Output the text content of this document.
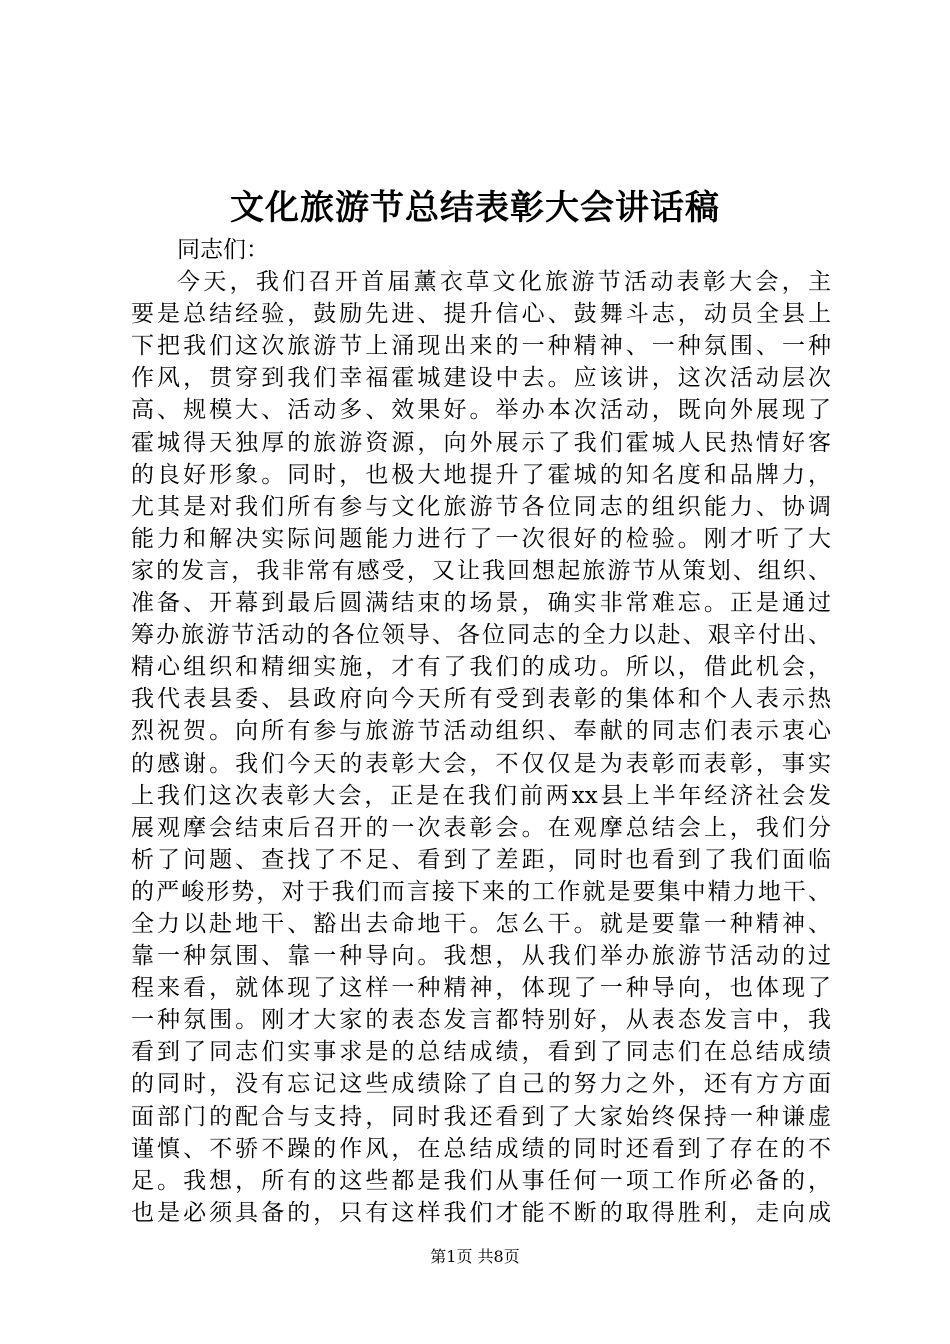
文化旅游节总结表彰大会讲话稿
同志们：
今天，我们召开首届薰衣草文化旅游节活动表彰大会，主
要是总结经验，鼓励先进、提升信心、鼓舞斗志，动员全县上
下把我们这次旅游节上涌现出来的一种精神、一种氛围、一种
作风，贯穿到我们幸福霍城建设中去。应该讲，这次活动层次
高、规模大、活动多、效果好。举办本次活动，既向外展现了
霍城得天独厚的旅游资源，向外展示了我们霍城人民热情好客
的良好形象。同时，也极大地提升了霍城的知名度和品牌力，
尤其是对我们所有参与文化旅游节各位同志的组织能力、协调
能力和解决实际问题能力进行了一次很好的检验。刚才听了大
家的发言，我非常有感受，又让我回想起旅游节从策划、组织、
准备、开幕到最后圆满结束的场景，确实非常难忘。正是通过
筹办旅游节活动的各位领导、各位同志的全力以赴、艰辛付出、
精心组织和精细实施，才有了我们的成功。所以，借此机会，
我代表县委、县政府向今天所有受到表彰的集体和个人表示热
烈祝贺。向所有参与旅游节活动组织、奉献的同志们表示衷心
的感谢。我们今天的表彰大会，不仅仅是为表彰而表彰，事实
上我们这次表彰大会，正是在我们前两xx县上半年经济社会发
展观摩会结束后召开的一次表彰会。在观摩总结会上，我们分
析了问题、查找了不足、看到了差距，同时也看到了我们面临
的严峻形势，对于我们而言接下来的工作就是要集中精力地干、
全力以赴地干、豁出去命地干。怎么干。就是要靠一种精神、
靠一种氛围、靠一种导向。我想，从我们举办旅游节活动的过
程来看，就体现了这样一种精神，体现了一种导向，也体现了
一种氛围。刚才大家的表态发言都特别好，从表态发言中，我
看到了同志们实事求是的总结成绩，看到了同志们在总结成绩
的同时，没有忘记这些成绩除了自己的努力之外，还有方方面
面部门的配合与支持，同时我还看到了大家始终保持一种谦虚
谨慎、不骄不躁的作风，在总结成绩的同时还看到了存在的不
足。我想，所有的这些都是我们从事任何一项工作所必备的，
也是必须具备的，只有这样我们才能不断的取得胜利，走向成
第1页 共8页
